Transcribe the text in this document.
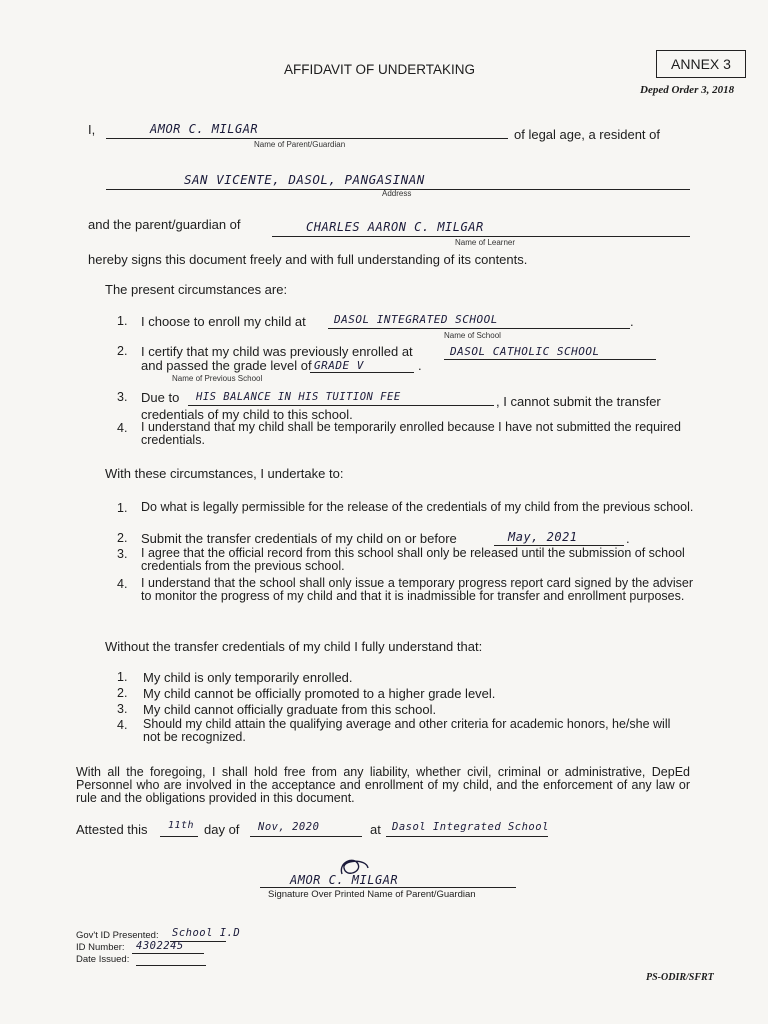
AFFIDAVIT OF UNDERTAKING	ANNEX 3
Deped Order 3, 2018
I,	AMOR C. MILGAR
Name of Parent/Guardian
of legal age, a resident of
SAN VICENTE, DASOL, PANGASINAN
Address
and the parent/guardian of	CHARLES AARON C. MILGAR
Name of Learner
hereby signs this document freely and with full understanding of its contents.
The present circumstances are:
1. I choose to enroll my child at	DASOL INTEGRATED SCHOOL	.
Name of School
2. I certify that my child was previously enrolled at	DASOL CATHOLIC SCHOOL
and passed the grade level of GRADE V	.
Name of Previous School
3. Due to HIS BALANCE IN HIS TUITION FEE	, I cannot submit the transfer
credentials of my child to this school.
4. I understand that my child shall be temporarily enrolled because I have not submitted the required credentials.
With these circumstances, I undertake to:
1. Do what is legally permissible for the release of the credentials of my child from the previous school.
2. Submit the transfer credentials of my child on or before	May, 2021	.
3. I agree that the official record from this school shall only be released until the submission of school credentials from the previous school.
4. I understand that the school shall only issue a temporary progress report card signed by the adviser to monitor the progress of my child and that it is inadmissible for transfer and enrollment purposes.
Without the transfer credentials of my child I fully understand that:
1. My child is only temporarily enrolled.
2. My child cannot be officially promoted to a higher grade level.
3. My child cannot officially graduate from this school.
4. Should my child attain the qualifying average and other criteria for academic honors, he/she will not be recognized.
With all the foregoing, I shall hold free from any liability, whether civil, criminal or administrative, DepEd Personnel who are involved in the acceptance and enrollment of my child, and the enforcement of any law or rule and the obligations provided in this document.
Attested this 11th day of Nov, 2020	at Dasol Integrated School
AMOR C. MILGAR
Signature Over Printed Name of Parent/Guardian
Gov't ID Presented: School I.D
ID Number: 4302245
Date Issued:
PS-ODIR/SFRT
